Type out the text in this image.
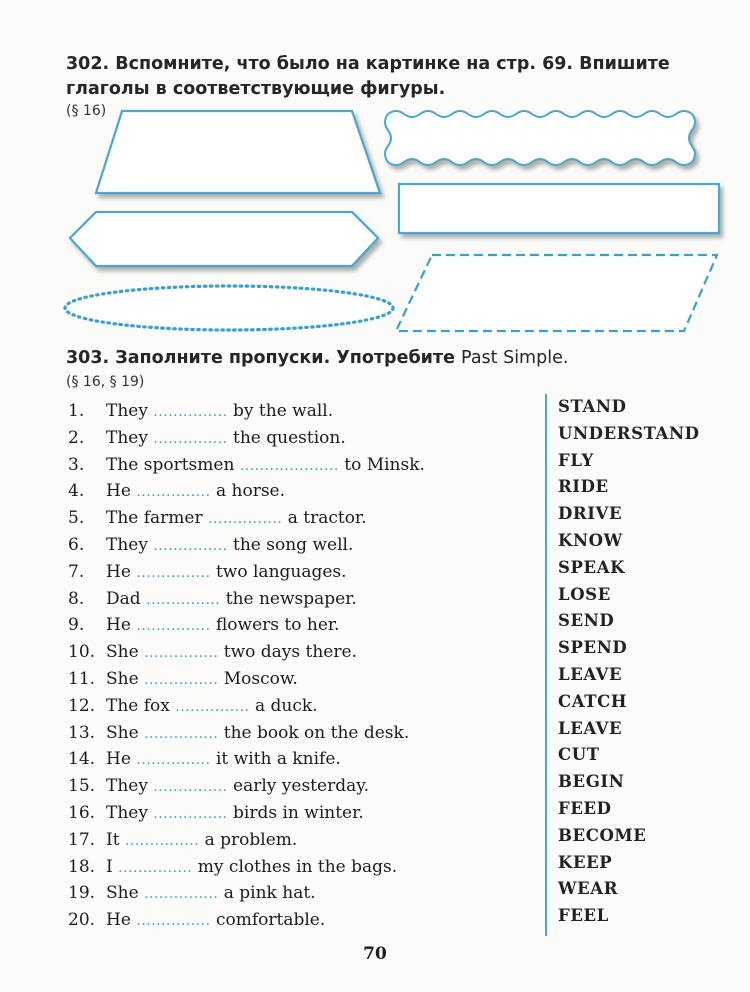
302. Вспомните, что было на картинке на стр. 69. Впишите глаголы в соответствующие фигуры.

(§ 16)

303. Заполните пропуски. Употребите Past Simple.

(§ 16, § 19)
1. They ............... by the wall.
2. They ............... the question.
3. The sportsmen .................... to Minsk.
4. He ............... a horse.
5. The farmer ............... a tractor.
6. They ............... the song well.
7. He ............... two languages.
8. Dad ............... the newspaper.
9. He ............... flowers to her.
10. She ............... two days there.
11. She ............... Moscow.
12. The fox ............... a duck.
13. She ............... the book on the desk.
14. He ............... it with a knife.
15. They ............... early yesterday.
16. They ............... birds in winter.
17. It ............... a problem.
18. I ............... my clothes in the bags.
19. She ............... a pink hat.
20. He ............... comfortable.
STAND
UNDERSTAND
FLY
RIDE
DRIVE
KNOW
SPEAK
LOSE
SEND
SPEND
LEAVE
CATCH
LEAVE
CUT
BEGIN
FEED
BECOME
KEEP
WEAR
FEEL
70
